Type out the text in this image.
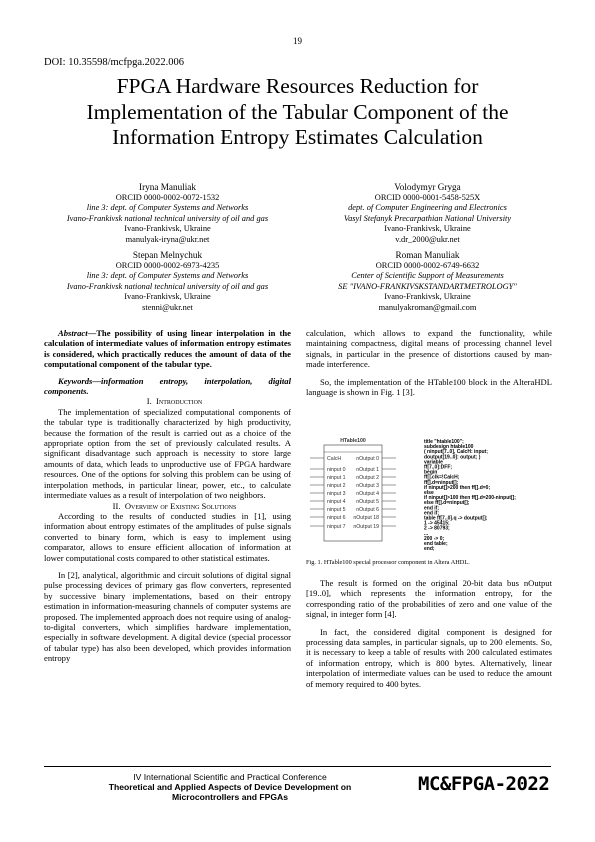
19
DOI: 10.35598/mcfpga.2022.006
FPGA Hardware Resources Reduction for
Implementation of the Tabular Component of the
Information Entropy Estimates Calculation
Iryna Manuliak
ORCID 0000-0002-0072-1532
line 3: dept. of Computer Systems and Networks
Ivano-Frankivsk national technical university of oil and gas
Ivano-Frankivsk, Ukraine
manulyak-iryna@ukr.net
Volodymyr Gryga
ORCID 0000-0001-5458-525X
dept. of Computer Engineering and Electronics
Vasyl Stefanyk Precarpathian National University
Ivano-Frankivsk, Ukraine
v.dr_2000@ukr.net
Stepan Melnychuk
ORCID 0000-0002-6973-4235
line 3: dept. of Computer Systems and Networks
Ivano-Frankivsk national technical university of oil and gas
Ivano-Frankivsk, Ukraine
stenni@ukr.net
Roman Manuliak
ORCID 0000-0002-6749-6632
Center of Scientific Support of Measurements
SE "IVANO-FRANKIVSKSTANDARTMETROLOGY"
Ivano-Frankivsk, Ukraine
manulyakroman@gmail.com

Abstract—The possibility of using linear interpolation in the calculation of intermediate values of information entropy estimates is considered, which practically reduces the amount of data of the computational component of the tabular type.

Keywords—information entropy, interpolation, digital components.

I. Introduction

The implementation of specialized computational components of the tabular type is traditionally characterized by high productivity, because the formation of the result is carried out as a choice of the appropriate option from the set of previously calculated results. A significant disadvantage such approach is necessity to store large amounts of data, which leads to unproductive use of FPGA hardware resources. One of the options for solving this problem can be using of interpolation methods, in particular linear, power, etc., to calculate intermediate values as a result of interpolation of two neighbors.

II. Overview of Existing Solutions

According to the results of conducted studies in [1], using information about entropy estimates of the amplitudes of pulse signals converted to binary form, which is easy to implement using comparator, allows to ensure efficient allocation of information at lower computational costs compared to other statistical estimates.

In [2], analytical, algorithmic and circuit solutions of digital signal pulse processing devices of primary gas flow converters, represented by successive binary implementations, based on their entropy estimation in information-measuring channels of computer systems are proposed. The implemented approach does not require using of analog-to-digital converters, which simplifies hardware implementation, especially in software development. A digital device (special processor of tabular type) has also been developed, which provides information entropy

calculation, which allows to expand the functionality, while maintaining compactness, digital means of processing channel level signals, in particular in the presence of distortions caused by man-made interference.

So, the implementation of the HTable100 block in the AlteraHDL language is shown in Fig. 1 [3].

HTable100
CalcH
ninput 0
ninput 1
ninput 2
ninput 3
ninput 4
ninput 5
ninput 6
ninput 7
nOutput 0
nOutput 1
nOutput 2
nOutput 3
nOutput 4
nOutput 5
nOutput 6
nOutput 18
nOutput 19
title "htable100";
subdesign htable100
( ninput[7..0], CalcH: input;
doutput[19..0]: output; )
variable
ff[7..0]:DFF;
begin
ff[].clk=!CalcH;
ff[].d=ninput[];
if ninput[]>200 then ff[].d=0;
else
if ninput[]>100 then ff[].d=200-ninput[];
else ff[].d=ninput[];
end if;
end if;
table ff[7..0].q -> doutput[];
1 -> 45415;
2 -> 80793;
...
200 -> 0;
end table;
end;
Fig. 1. HTable100 special processor component in Altera AHDL.

The result is formed on the original 20-bit data bus nOutput [19..0], which represents the information entropy, for the corresponding ratio of the probabilities of zero and one value of the signal, in integer form [4].

In fact, the considered digital component is designed for processing data samples, in particular signals, up to 200 elements. So, it is necessary to keep a table of results with 200 calculated estimates of information entropy, which is 800 bytes. Alternatively, linear interpolation of intermediate values can be used to reduce the amount of memory required to 400 bytes.

IV International Scientific and Practical Conference
Theoretical and Applied Aspects of Device Development on
Microcontrollers and FPGAs
MC&FPGA-2022
